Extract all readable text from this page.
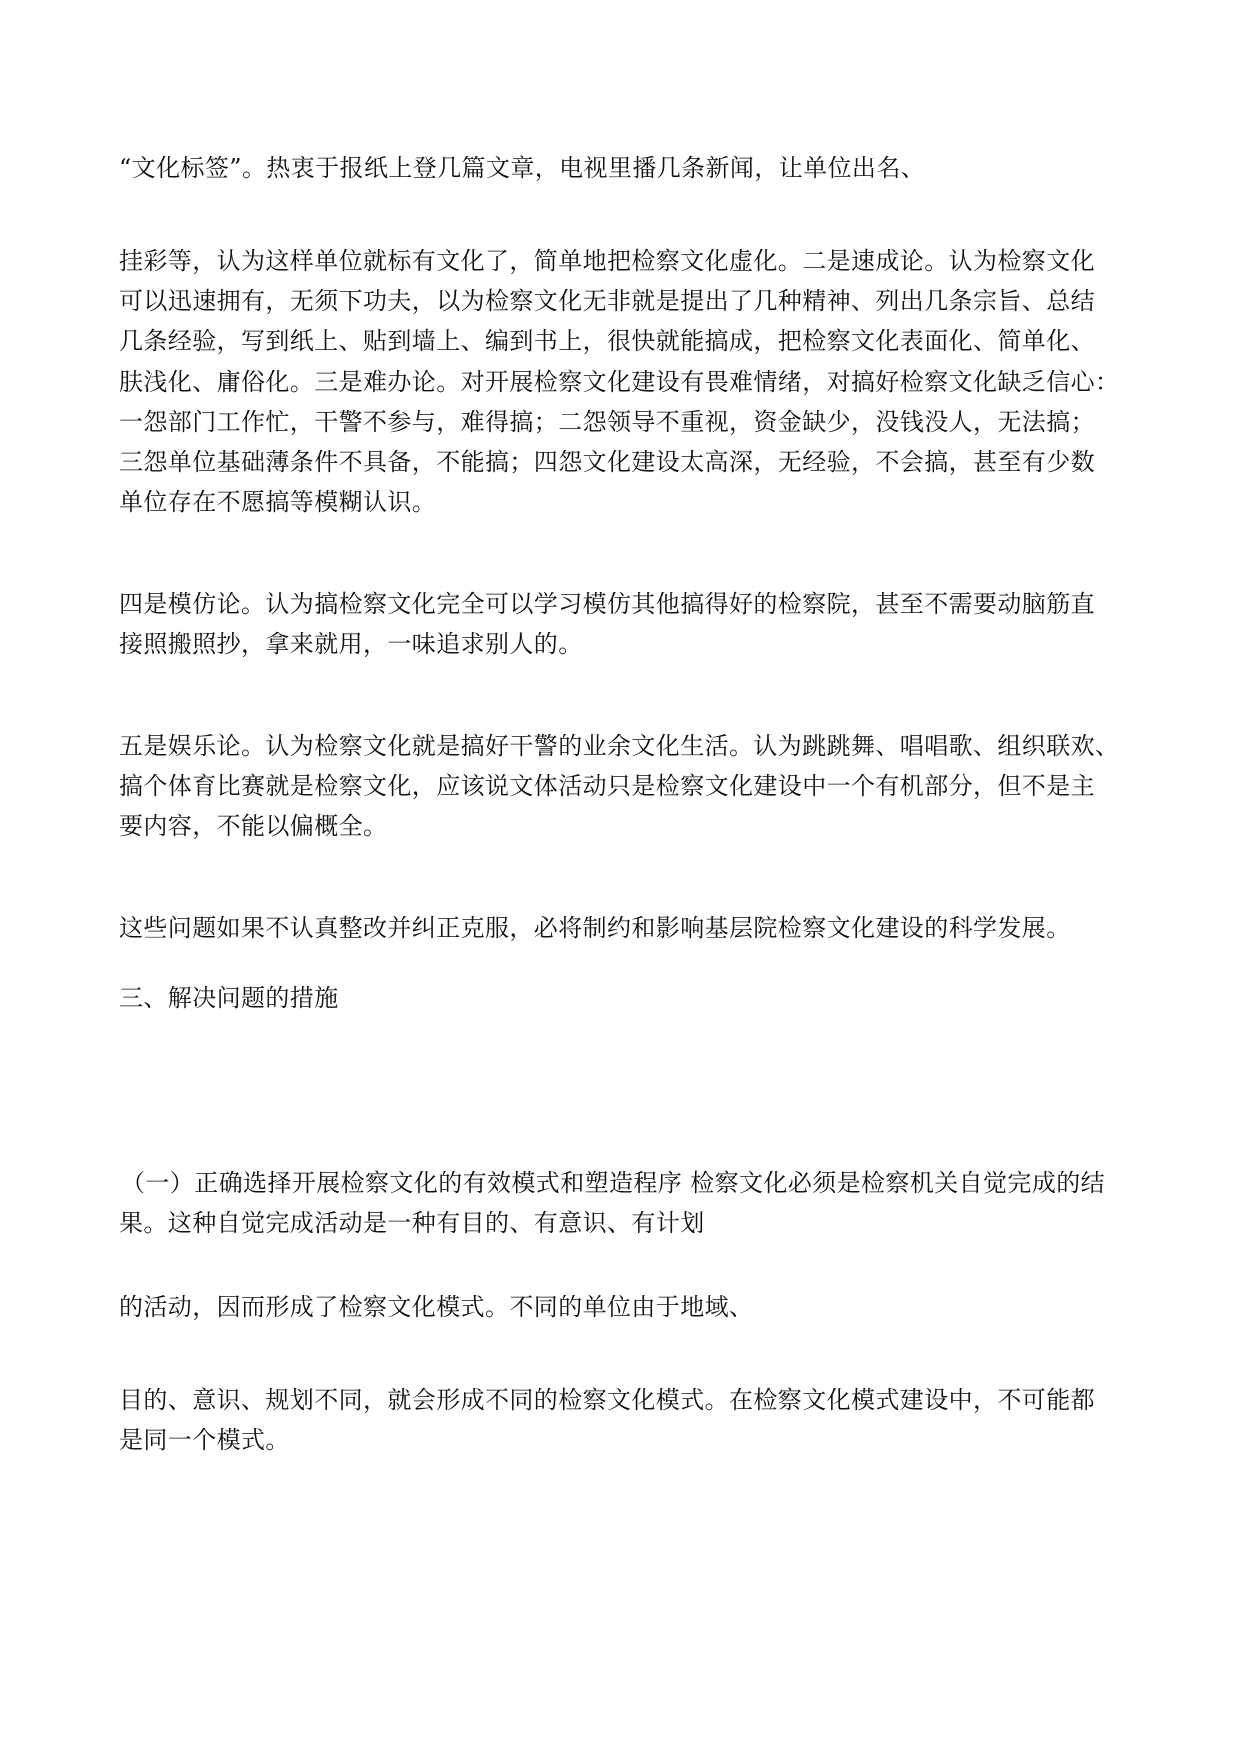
“文化标签”。热衷于报纸上登几篇文章，电视里播几条新闻，让单位出名、
挂彩等，认为这样单位就标有文化了，简单地把检察文化虚化。二是速成论。认为检察文化
可以迅速拥有，无须下功夫，以为检察文化无非就是提出了几种精神、列出几条宗旨、总结
几条经验，写到纸上、贴到墙上、编到书上，很快就能搞成，把检察文化表面化、简单化、
肤浅化、庸俗化。三是难办论。对开展检察文化建设有畏难情绪，对搞好检察文化缺乏信心：
一怨部门工作忙，干警不参与，难得搞；二怨领导不重视，资金缺少，没钱没人，无法搞；
三怨单位基础薄条件不具备，不能搞；四怨文化建设太高深，无经验，不会搞，甚至有少数
单位存在不愿搞等模糊认识。
四是模仿论。认为搞检察文化完全可以学习模仿其他搞得好的检察院，甚至不需要动脑筋直
接照搬照抄，拿来就用，一味追求别人的。
五是娱乐论。认为检察文化就是搞好干警的业余文化生活。认为跳跳舞、唱唱歌、组织联欢、
搞个体育比赛就是检察文化，应该说文体活动只是检察文化建设中一个有机部分，但不是主
要内容，不能以偏概全。
这些问题如果不认真整改并纠正克服，必将制约和影响基层院检察文化建设的科学发展。
三、解决问题的措施
（一）正确选择开展检察文化的有效模式和塑造程序 检察文化必须是检察机关自觉完成的结
果。这种自觉完成活动是一种有目的、有意识、有计划
的活动，因而形成了检察文化模式。不同的单位由于地域、
目的、意识、规划不同，就会形成不同的检察文化模式。在检察文化模式建设中，不可能都
是同一个模式。
